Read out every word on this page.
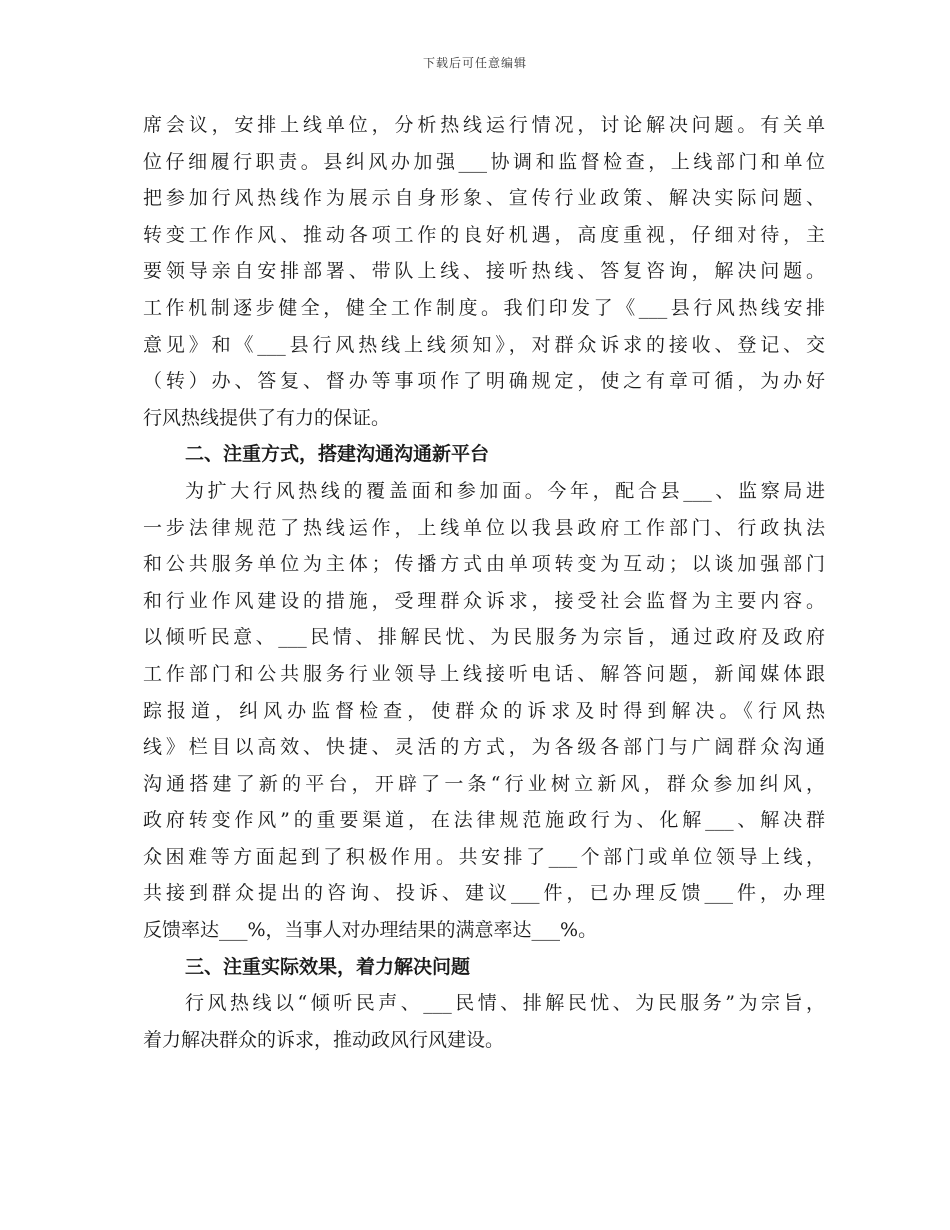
下载后可任意编辑
席会议，安排上线单位，分析热线运行情况，讨论解决问题。有关单
位仔细履行职责。县纠风办加强___协调和监督检查，上线部门和单位
把参加行风热线作为展示自身形象、宣传行业政策、解决实际问题、
转变工作作风、推动各项工作的良好机遇，高度重视，仔细对待，主
要领导亲自安排部署、带队上线、接听热线、答复咨询，解决问题。
工作机制逐步健全，健全工作制度。我们印发了《___县行风热线安排
意见》和《___县行风热线上线须知》，对群众诉求的接收、登记、交
（转）办、答复、督办等事项作了明确规定，使之有章可循，为办好
行风热线提供了有力的保证。
二、注重方式，搭建沟通沟通新平台
为扩大行风热线的覆盖面和参加面。今年，配合县___、监察局进
一步法律规范了热线运作，上线单位以我县政府工作部门、行政执法
和公共服务单位为主体；传播方式由单项转变为互动；以谈加强部门
和行业作风建设的措施，受理群众诉求，接受社会监督为主要内容。
以倾听民意、___民情、排解民忧、为民服务为宗旨，通过政府及政府
工作部门和公共服务行业领导上线接听电话、解答问题，新闻媒体跟
踪报道，纠风办监督检查，使群众的诉求及时得到解决。《行风热
线》栏目以高效、快捷、灵活的方式，为各级各部门与广阔群众沟通
沟通搭建了新的平台，开辟了一条“行业树立新风，群众参加纠风，
政府转变作风”的重要渠道，在法律规范施政行为、化解___、解决群
众困难等方面起到了积极作用。共安排了___个部门或单位领导上线，
共接到群众提出的咨询、投诉、建议___件，已办理反馈___件，办理
反馈率达___%，当事人对办理结果的满意率达___%。
三、注重实际效果，着力解决问题
行风热线以“倾听民声、___民情、排解民忧、为民服务”为宗旨，
着力解决群众的诉求，推动政风行风建设。
